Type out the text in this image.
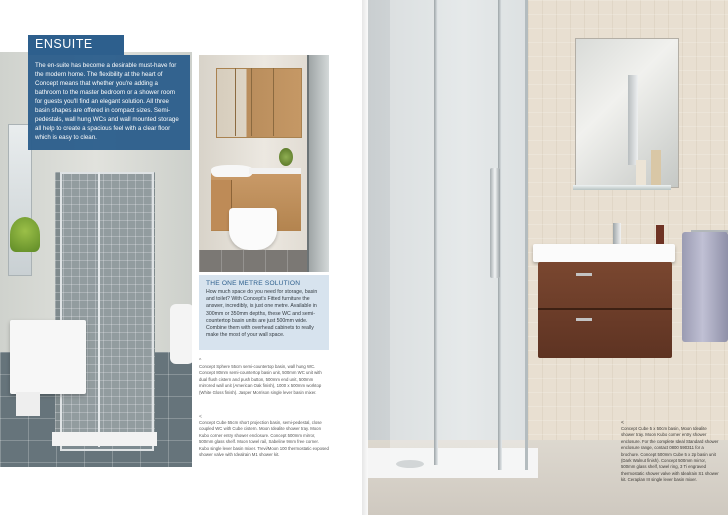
ENSUITE

The en-suite has become a desirable must-have for the modern home. The flexibility at the heart of Concept means that whether you're adding a bathroom to the master bedroom or a shower room for guests you'll find an elegant solution. All three basin shapes are offered in compact sizes. Semi-pedestals, wall hung WCs and wall mounted storage all help to create a spacious feel with a clear floor which is easy to clean.

THE ONE METRE SOLUTION

How much space do you need for storage, basin and toilet? With Concept's Fitted furniture the answer, incredibly, is just one metre. Available in 300mm or 350mm depths, these WC and semi-countertop basin units are just 500mm wide. Combine them with overhead cabinets to really make the most of your wall space.

^
Concept Sphere 55cm semi-countertop basin, wall hung WC. Concept 80mm semi-countertop basin unit, 500mm WC unit with dual flush cistern and push button, 500mm end unit, 500mm mirrored wall unit (American Oak finish), 1000 x 500mm worktop (White Gloss finish). Jasper Morrison single lever basin mixer.
<
Concept Cube 55cm short projection basin, semi-pedestal, close coupled WC with Cube cistern. Moon Idealite shower tray. Moon Kubo corner entry shower enclosure. Concept 500mm mirror, 500mm glass shelf. Moon towel rail, Sabeline 9mm free corner. Kubo single lever basin mixer. Trevi/Moon 100 thermostatic exposed shower valve with Idealrain M1 shower kit.
<
Concept Cube 5 x 50cm basin, Moon Idealite shower tray. Moon Kubo corner entry shower enclosure. For the complete Ideal Standard shower enclosure range, contact 0800 590311 for a brochure. Concept 500mm Cube 5 x 2p basin unit (Dark Walnut finish). Concept 500mm mirror, 500mm glass shelf, towel ring, 3 Ti engraved thermostatic shower valve with Idealrain S1 shower kit. Ceraplan III single lever basin mixer.
